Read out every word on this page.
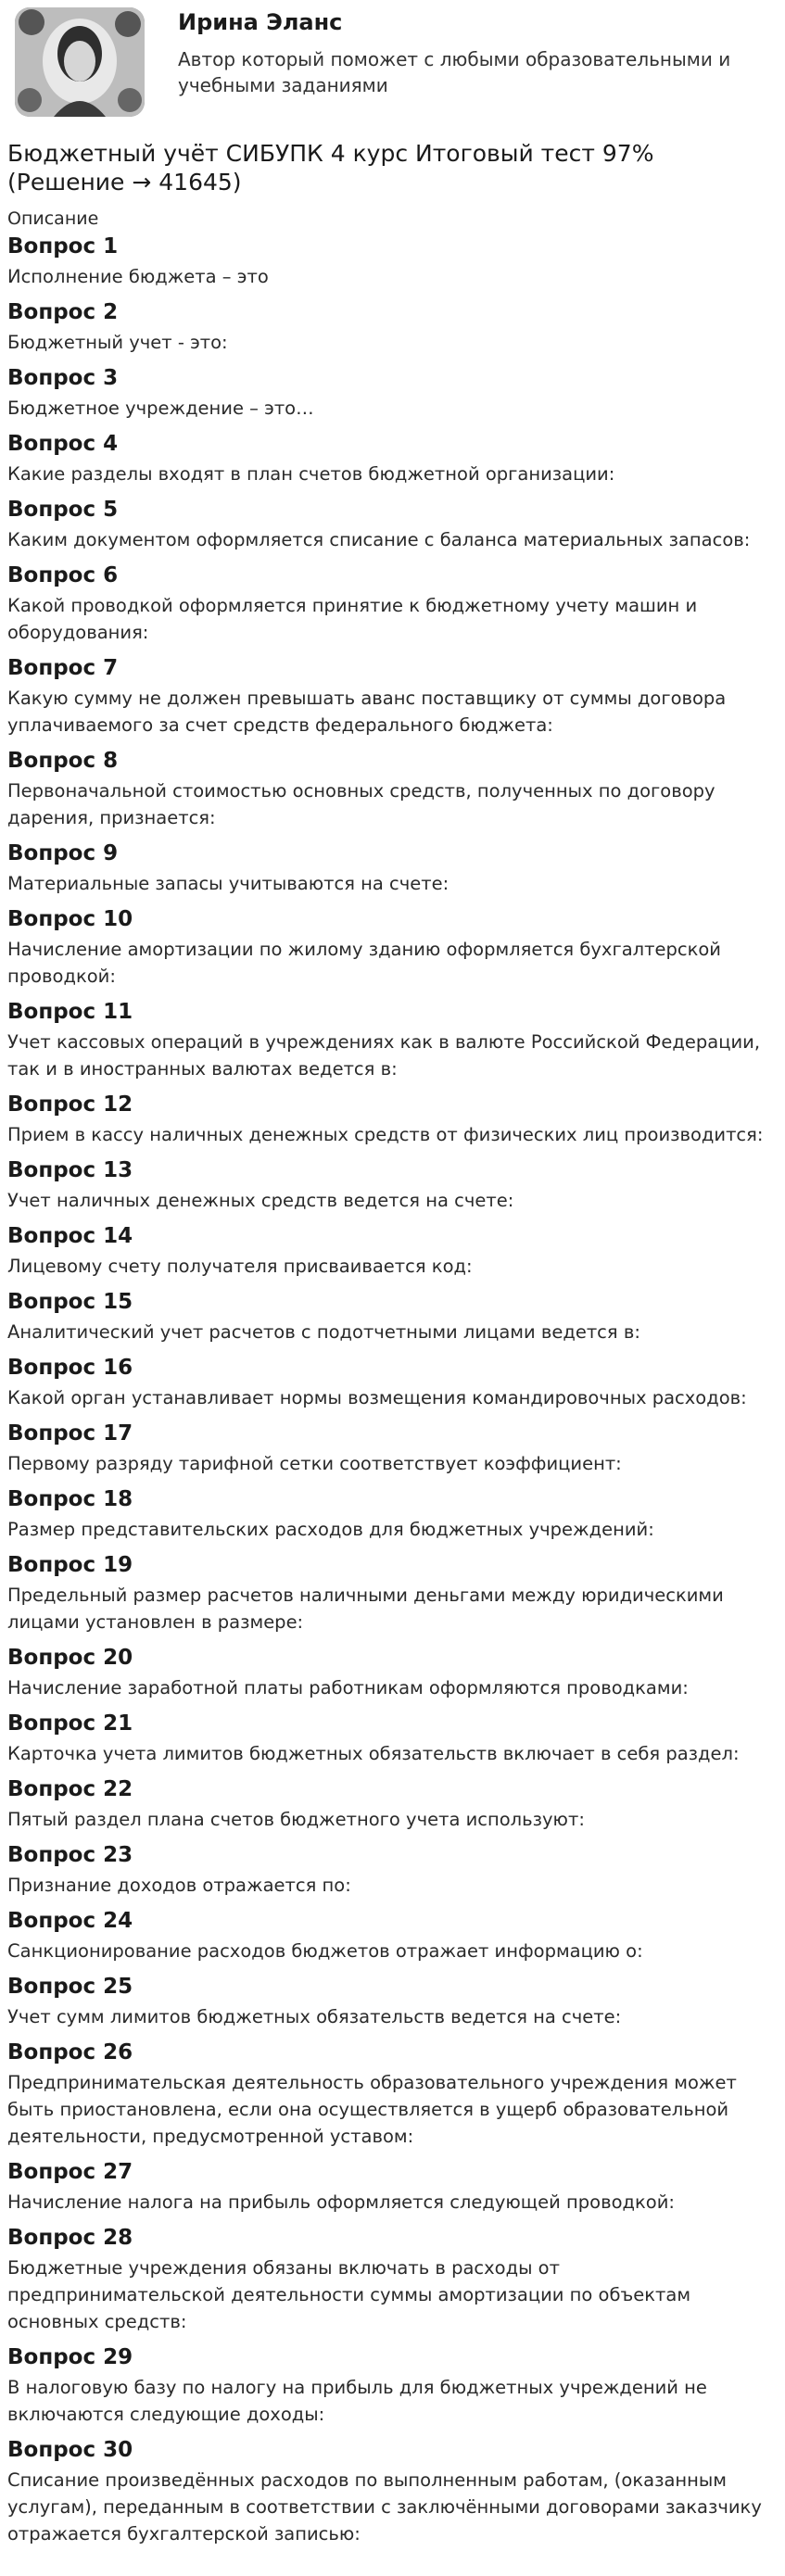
Ирина Эланс
Автор который поможет с любыми образовательными и учебными заданиями
Бюджетный учёт СИБУПК 4 курс Итоговый тест 97% (Решение → 41645)
Описание
Вопрос 1
Исполнение бюджета – это
Вопрос 2
Бюджетный учет - это:
Вопрос 3
Бюджетное учреждение – это…
Вопрос 4
Какие разделы входят в план счетов бюджетной организации:
Вопрос 5
Каким документом оформляется списание с баланса материальных запасов:
Вопрос 6
Какой проводкой оформляется принятие к бюджетному учету машин и оборудования:
Вопрос 7
Какую сумму не должен превышать аванс поставщику от суммы договора уплачиваемого за счет средств федерального бюджета:
Вопрос 8
Первоначальной стоимостью основных средств, полученных по договору дарения, признается:
Вопрос 9
Материальные запасы учитываются на счете:
Вопрос 10
Начисление амортизации по жилому зданию оформляется бухгалтерской проводкой:
Вопрос 11
Учет кассовых операций в учреждениях как в валюте Российской Федерации, так и в иностранных валютах ведется в:
Вопрос 12
Прием в кассу наличных денежных средств от физических лиц производится:
Вопрос 13
Учет наличных денежных средств ведется на счете:
Вопрос 14
Лицевому счету получателя присваивается код:
Вопрос 15
Аналитический учет расчетов с подотчетными лицами ведется в:
Вопрос 16
Какой орган устанавливает нормы возмещения командировочных расходов:
Вопрос 17
Первому разряду тарифной сетки соответствует коэффициент:
Вопрос 18
Размер представительских расходов для бюджетных учреждений:
Вопрос 19
Предельный размер расчетов наличными деньгами между юридическими лицами установлен в размере:
Вопрос 20
Начисление заработной платы работникам оформляются проводками:
Вопрос 21
Карточка учета лимитов бюджетных обязательств включает в себя раздел:
Вопрос 22
Пятый раздел плана счетов бюджетного учета используют:
Вопрос 23
Признание доходов отражается по:
Вопрос 24
Санкционирование расходов бюджетов отражает информацию о:
Вопрос 25
Учет сумм лимитов бюджетных обязательств ведется на счете:
Вопрос 26
Предпринимательская деятельность образовательного учреждения может быть приостановлена, если она осуществляется в ущерб образовательной деятельности, предусмотренной уставом:
Вопрос 27
Начисление налога на прибыль оформляется следующей проводкой:
Вопрос 28
Бюджетные учреждения обязаны включать в расходы от предпринимательской деятельности суммы амортизации по объектам основных средств:
Вопрос 29
В налоговую базу по налогу на прибыль для бюджетных учреждений не включаются следующие доходы:
Вопрос 30
Списание произведённых расходов по выполненным работам, (оказанным услугам), переданным в соответствии с заключёнными договорами заказчику отражается бухгалтерской записью:
